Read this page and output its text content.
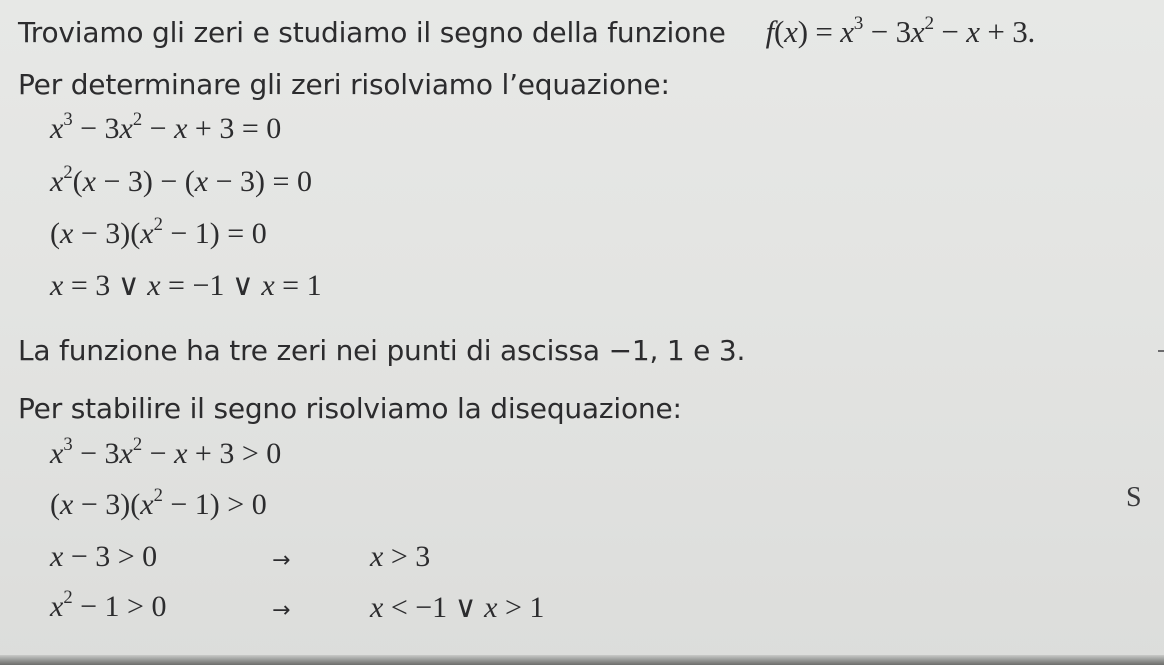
Troviamo gli zeri e studiamo il segno della funzione $f(x) = x^3 - 3x^2 - x + 3$.
Per determinare gli zeri risolviamo l’equazione:
$x^3 - 3x^2 - x + 3 = 0$
$x^2(x - 3) - (x - 3) = 0$
$(x - 3)(x^2 - 1) = 0$
x = 3 ∨ x = −1 ∨ x = 1
La funzione ha tre zeri nei punti di ascissa −1, 1 e 3.
Per stabilire il segno risolviamo la disequazione:
$x^3 - 3x^2 - x + 3 > 0$
$(x - 3)(x^2 - 1) > 0$
x − 3 > 0	→	x > 3
$x^2 - 1 > 0$	→	x < −1 ∨ x > 1
S
